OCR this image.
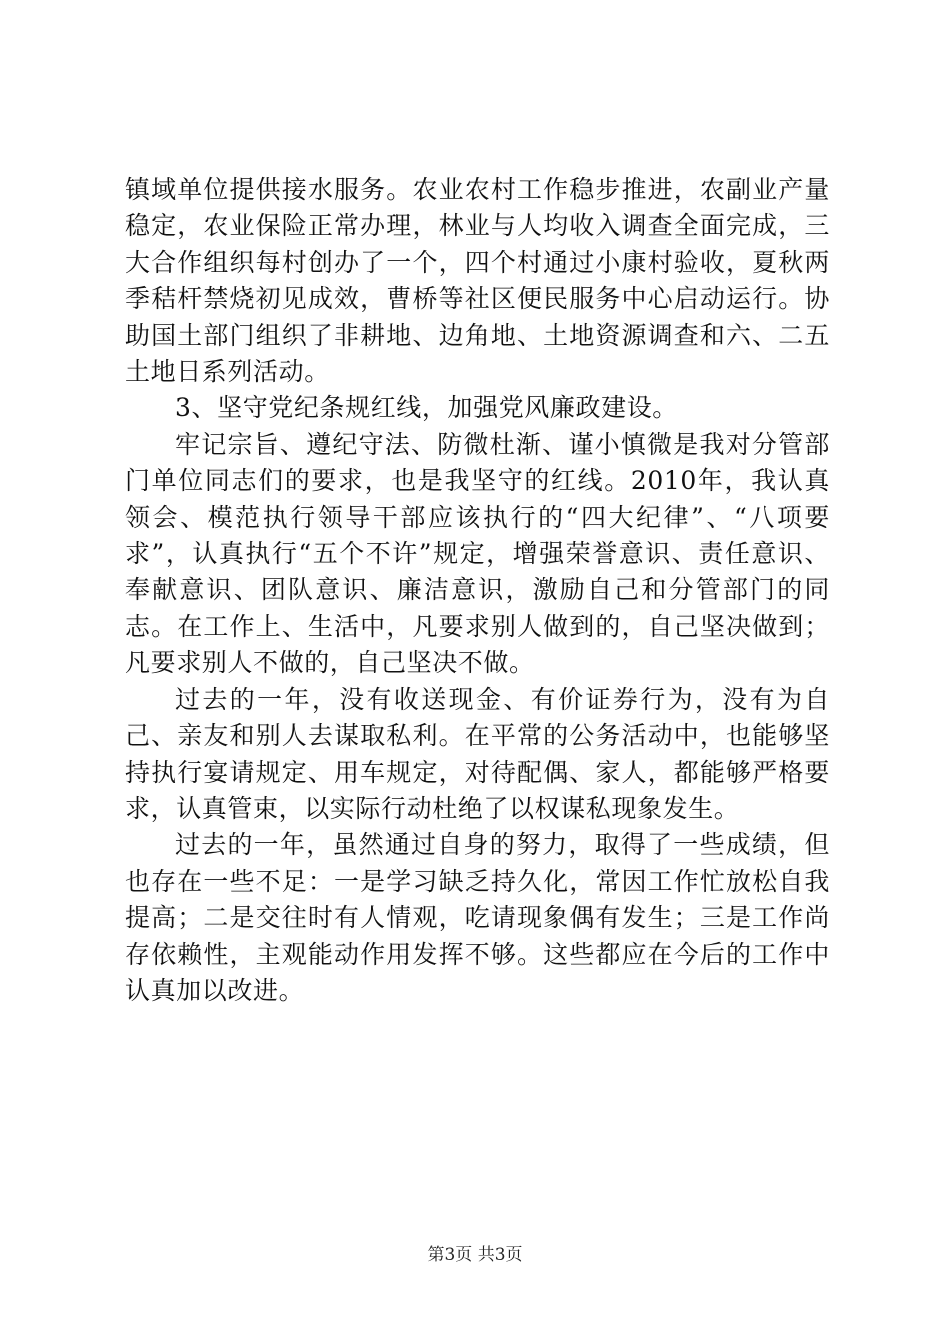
镇域单位提供接水服务。农业农村工作稳步推进，农副业产量稳定，农业保险正常办理，林业与人均收入调查全面完成，三大合作组织每村创办了一个，四个村通过小康村验收，夏秋两季秸杆禁烧初见成效，曹桥等社区便民服务中心启动运行。协助国土部门组织了非耕地、边角地、土地资源调查和六、二五土地日系列活动。

3、坚守党纪条规红线，加强党风廉政建设。

牢记宗旨、遵纪守法、防微杜渐、谨小慎微是我对分管部门单位同志们的要求，也是我坚守的红线。2010年，我认真领会、模范执行领导干部应该执行的“四大纪律”、“八项要求”，认真执行“五个不许”规定，增强荣誉意识、责任意识、奉献意识、团队意识、廉洁意识，激励自己和分管部门的同志。在工作上、生活中，凡要求别人做到的，自己坚决做到；凡要求别人不做的，自己坚决不做。

过去的一年，没有收送现金、有价证券行为，没有为自己、亲友和别人去谋取私利。在平常的公务活动中，也能够坚持执行宴请规定、用车规定，对待配偶、家人，都能够严格要求，认真管束，以实际行动杜绝了以权谋私现象发生。

过去的一年，虽然通过自身的努力，取得了一些成绩，但也存在一些不足：一是学习缺乏持久化，常因工作忙放松自我提高；二是交往时有人情观，吃请现象偶有发生；三是工作尚存依赖性，主观能动作用发挥不够。这些都应在今后的工作中认真加以改进。

第3页 共3页
